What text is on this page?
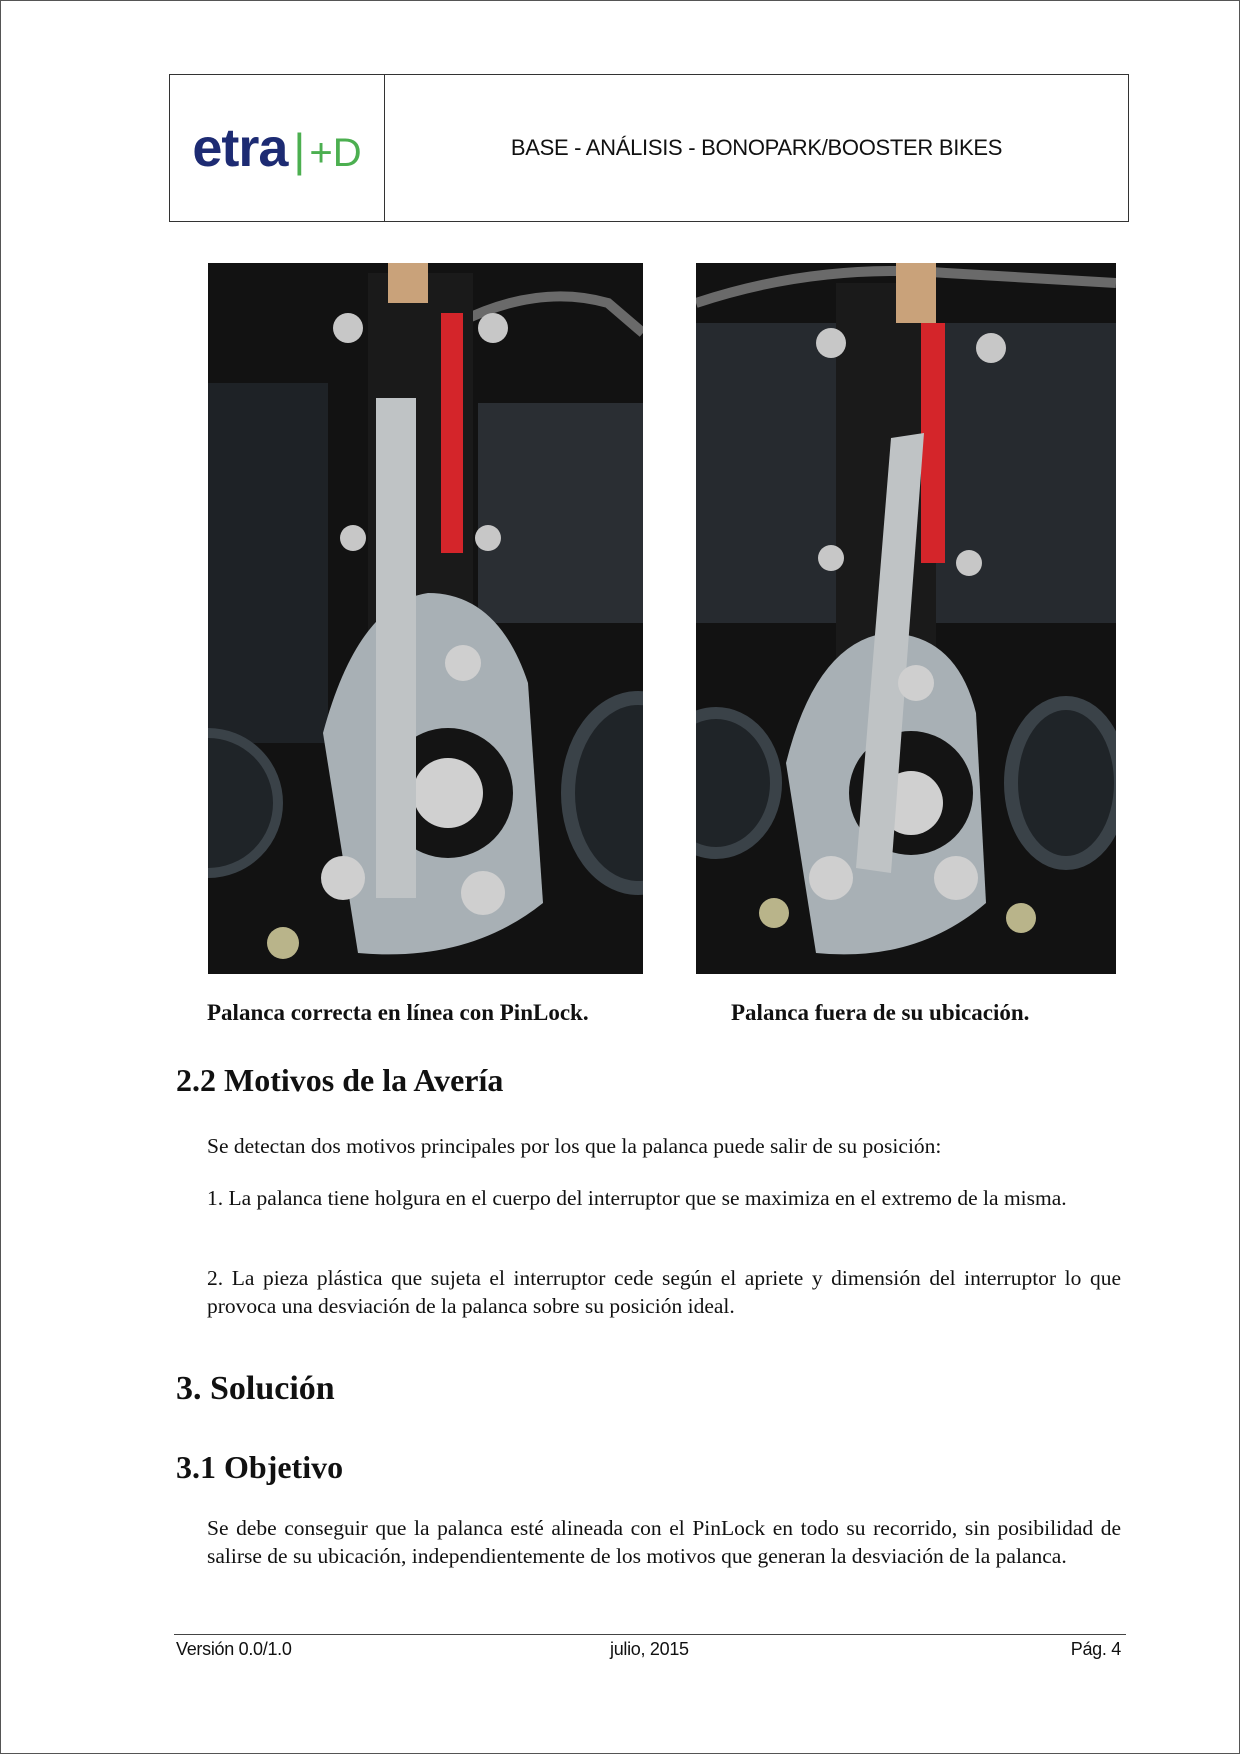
etra | +D	BASE - ANÁLISIS - BONOPARK/BOOSTER BIKES
Palanca correcta en línea con PinLock.	Palanca fuera de su ubicación.
2.2 Motivos de la Avería

Se detectan dos motivos principales por los que la palanca puede salir de su posición:

1. La palanca tiene holgura en el cuerpo del interruptor que se maximiza en el extremo de la misma.

2. La pieza plástica que sujeta el interruptor cede según el apriete y dimensión del interruptor lo que provoca una desviación de la palanca sobre su posición ideal.

3. Solución
3.1 Objetivo

Se debe conseguir que la palanca esté alineada con el PinLock en todo su recorrido, sin posibilidad de salirse de su ubicación, independientemente de los motivos que generan la desviación de la palanca.

Versión 0.0/1.0	julio, 2015	Pág. 4
